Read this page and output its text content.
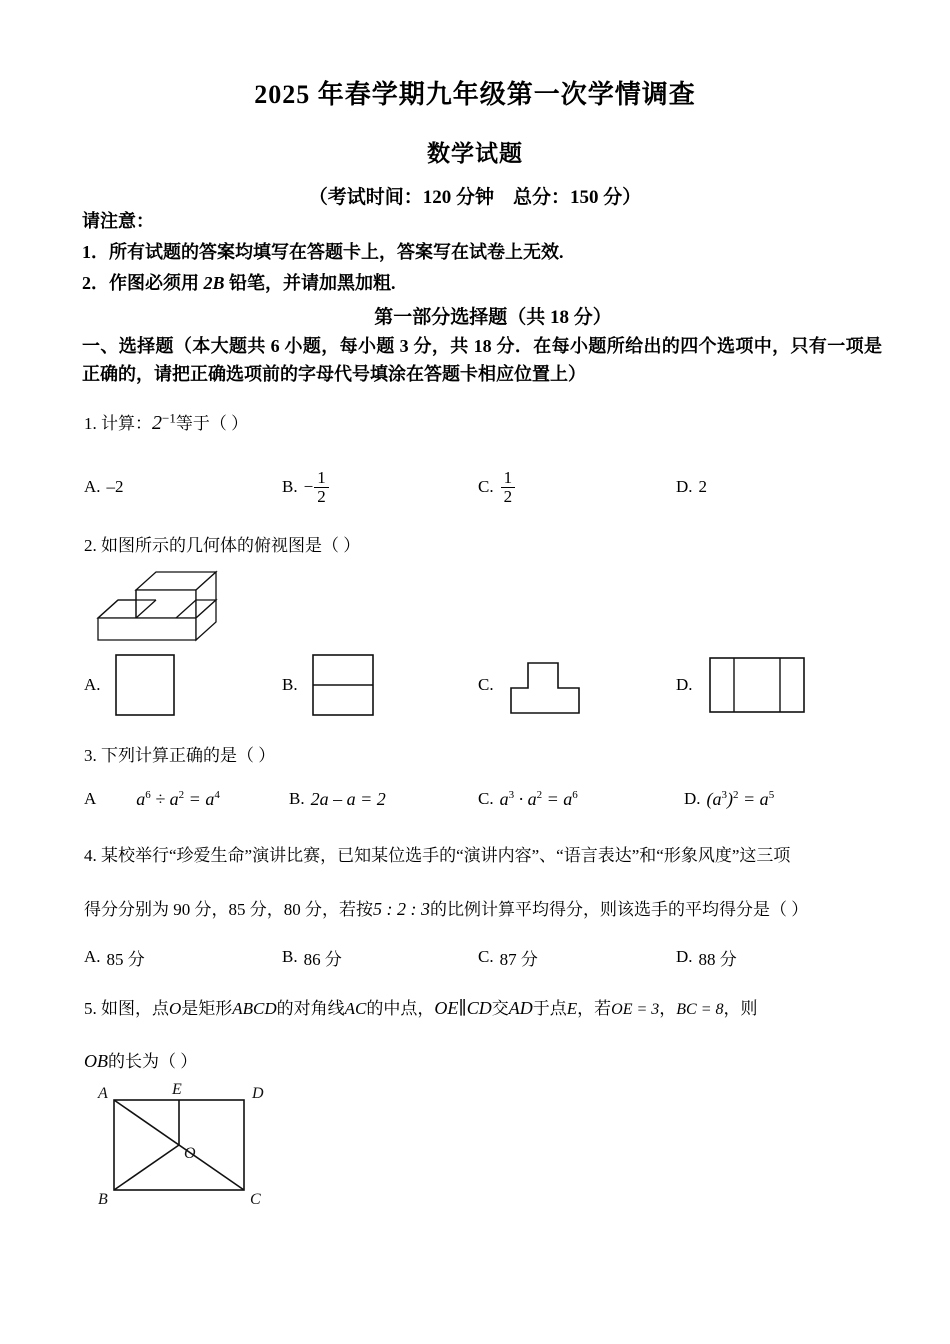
2025 年春学期九年级第一次学情调查
数学试题
（考试时间：120 分钟　总分：150 分）
请注意：
1．所有试题的答案均填写在答题卡上，答案写在试卷上无效.
2．作图必须用 2B 铅笔，并请加黑加粗.
第一部分选择题（共 18 分）
一、选择题（本大题共 6 小题，每小题 3 分，共 18 分．在每小题所给出的四个选项中，只有一项是正确的，请把正确选项前的字母代号填涂在答题卡相应位置上）
1. 计算：$2^{-1}$等于（ ）
A. –2	B. − $\frac{1}{2}$	C. $\frac{1}{2}$	D. 2
2. 如图所示的几何体的俯视图是（ ）
A.	B.	C.	D.
3. 下列计算正确的是（ ）
A $a^6 \div a^2 = a^4$	B. 2a – a = 2	C. $a^3 \cdot a^2 = a^6$	D. $(a^3)^2 = a^5$
4. 某校举行“珍爱生命”演讲比赛，已知某位选手的“演讲内容”、“语言表达”和“形象风度”这三项
得分分别为 90 分，85 分，80 分，若按5 : 2 : 3的比例计算平均得分，则该选手的平均得分是（ ）
A. 85 分	B. 86 分	C. 87 分	D. 88 分
5. 如图，点O是矩形ABCD的对角线AC的中点，OE∥CD交AD于点E，若OE = 3，BC = 8，则
OB的长为（ ）
A	D
B	C
E
O
